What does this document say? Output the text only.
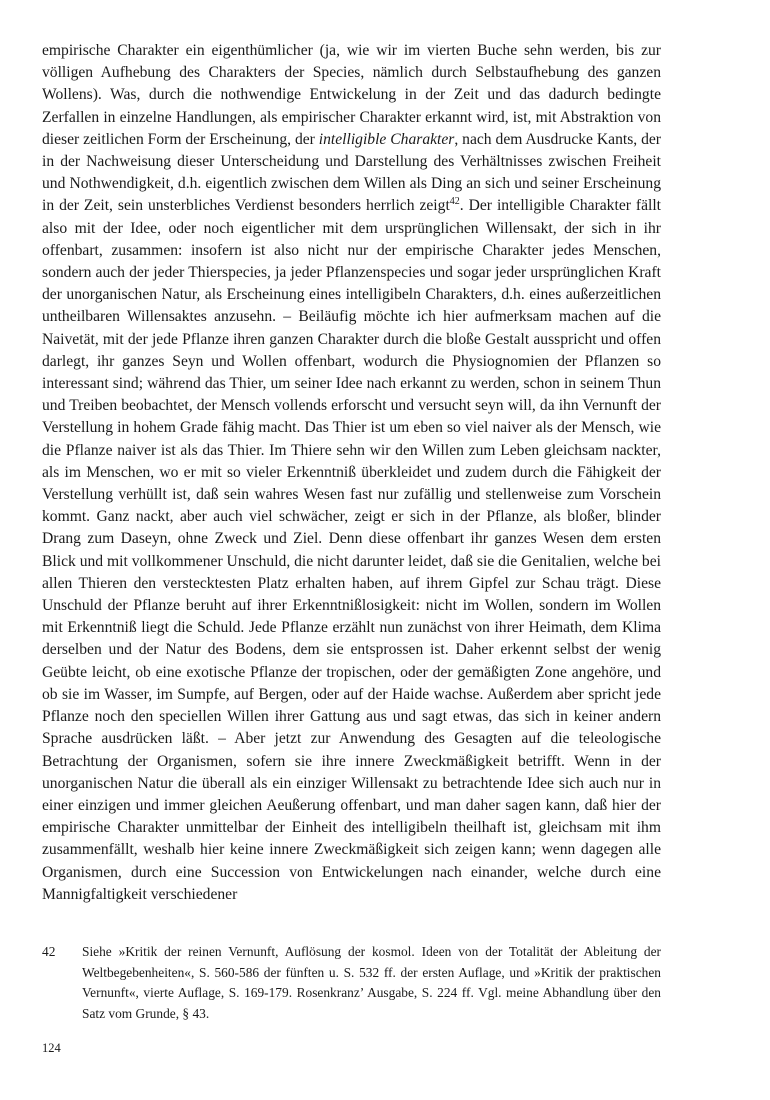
empirische Charakter ein eigenthümlicher (ja, wie wir im vierten Buche sehn werden, bis zur völligen Aufhebung des Charakters der Species, nämlich durch Selbstaufhebung des ganzen Wollens). Was, durch die nothwendige Entwickelung in der Zeit und das dadurch bedingte Zerfallen in einzelne Handlungen, als empirischer Charakter erkannt wird, ist, mit Abstraktion von dieser zeitlichen Form der Erscheinung, der intelligible Charakter, nach dem Ausdrucke Kants, der in der Nachweisung dieser Unterscheidung und Darstellung des Verhältnisses zwischen Freiheit und Nothwendigkeit, d.h. eigentlich zwischen dem Willen als Ding an sich und seiner Erscheinung in der Zeit, sein unsterbliches Verdienst besonders herrlich zeigt$^{42}$. Der intelligible Charakter fällt also mit der Idee, oder noch eigentlicher mit dem ursprünglichen Willensakt, der sich in ihr offenbart, zusammen: insofern ist also nicht nur der empirische Charakter jedes Menschen, sondern auch der jeder Thierspecies, ja jeder Pflanzenspecies und sogar jeder ursprünglichen Kraft der unorganischen Natur, als Erscheinung eines intelligibeln Charakters, d.h. eines außerzeitlichen untheilbaren Willensaktes anzusehn. – Beiläufig möchte ich hier aufmerksam machen auf die Naivetät, mit der jede Pflanze ihren ganzen Charakter durch die bloße Gestalt ausspricht und offen darlegt, ihr ganzes Seyn und Wollen offenbart, wodurch die Physiognomien der Pflanzen so interessant sind; während das Thier, um seiner Idee nach erkannt zu werden, schon in seinem Thun und Treiben beobachtet, der Mensch vollends erforscht und versucht seyn will, da ihn Vernunft der Verstellung in hohem Grade fähig macht. Das Thier ist um eben so viel naiver als der Mensch, wie die Pflanze naiver ist als das Thier. Im Thiere sehn wir den Willen zum Leben gleichsam nackter, als im Menschen, wo er mit so vieler Erkenntniß überkleidet und zudem durch die Fähigkeit der Verstellung verhüllt ist, daß sein wahres Wesen fast nur zufällig und stellenweise zum Vorschein kommt. Ganz nackt, aber auch viel schwächer, zeigt er sich in der Pflanze, als bloßer, blinder Drang zum Daseyn, ohne Zweck und Ziel. Denn diese offenbart ihr ganzes Wesen dem ersten Blick und mit vollkommener Unschuld, die nicht darunter leidet, daß sie die Genitalien, welche bei allen Thieren den verstecktesten Platz erhalten haben, auf ihrem Gipfel zur Schau trägt. Diese Unschuld der Pflanze beruht auf ihrer Erkenntnißlosigkeit: nicht im Wollen, sondern im Wollen mit Erkenntniß liegt die Schuld. Jede Pflanze erzählt nun zunächst von ihrer Heimath, dem Klima derselben und der Natur des Bodens, dem sie entsprossen ist. Daher erkennt selbst der wenig Geübte leicht, ob eine exotische Pflanze der tropischen, oder der gemäßigten Zone angehöre, und ob sie im Wasser, im Sumpfe, auf Bergen, oder auf der Haide wachse. Außerdem aber spricht jede Pflanze noch den speciellen Willen ihrer Gattung aus und sagt etwas, das sich in keiner andern Sprache ausdrücken läßt. – Aber jetzt zur Anwendung des Gesagten auf die teleologische Betrachtung der Organismen, sofern sie ihre innere Zweckmäßigkeit betrifft. Wenn in der unorganischen Natur die überall als ein einziger Willensakt zu betrachtende Idee sich auch nur in einer einzigen und immer gleichen Aeußerung offenbart, und man daher sagen kann, daß hier der empirische Charakter unmittelbar der Einheit des intelligibeln theilhaft ist, gleichsam mit ihm zusammenfällt, weshalb hier keine innere Zweckmäßigkeit sich zeigen kann; wenn dagegen alle Organismen, durch eine Succession von Entwickelungen nach einander, welche durch eine Mannigfaltigkeit verschiedener

42	Siehe »Kritik der reinen Vernunft, Auflösung der kosmol. Ideen von der Totalität der Ableitung der Weltbegebenheiten«, S. 560-586 der fünften u. S. 532 ff. der ersten Auflage, und »Kritik der praktischen Vernunft«, vierte Auflage, S. 169-179. Rosenkranz’ Ausgabe, S. 224 ff. Vgl. meine Abhandlung über den Satz vom Grunde, § 43.
124
